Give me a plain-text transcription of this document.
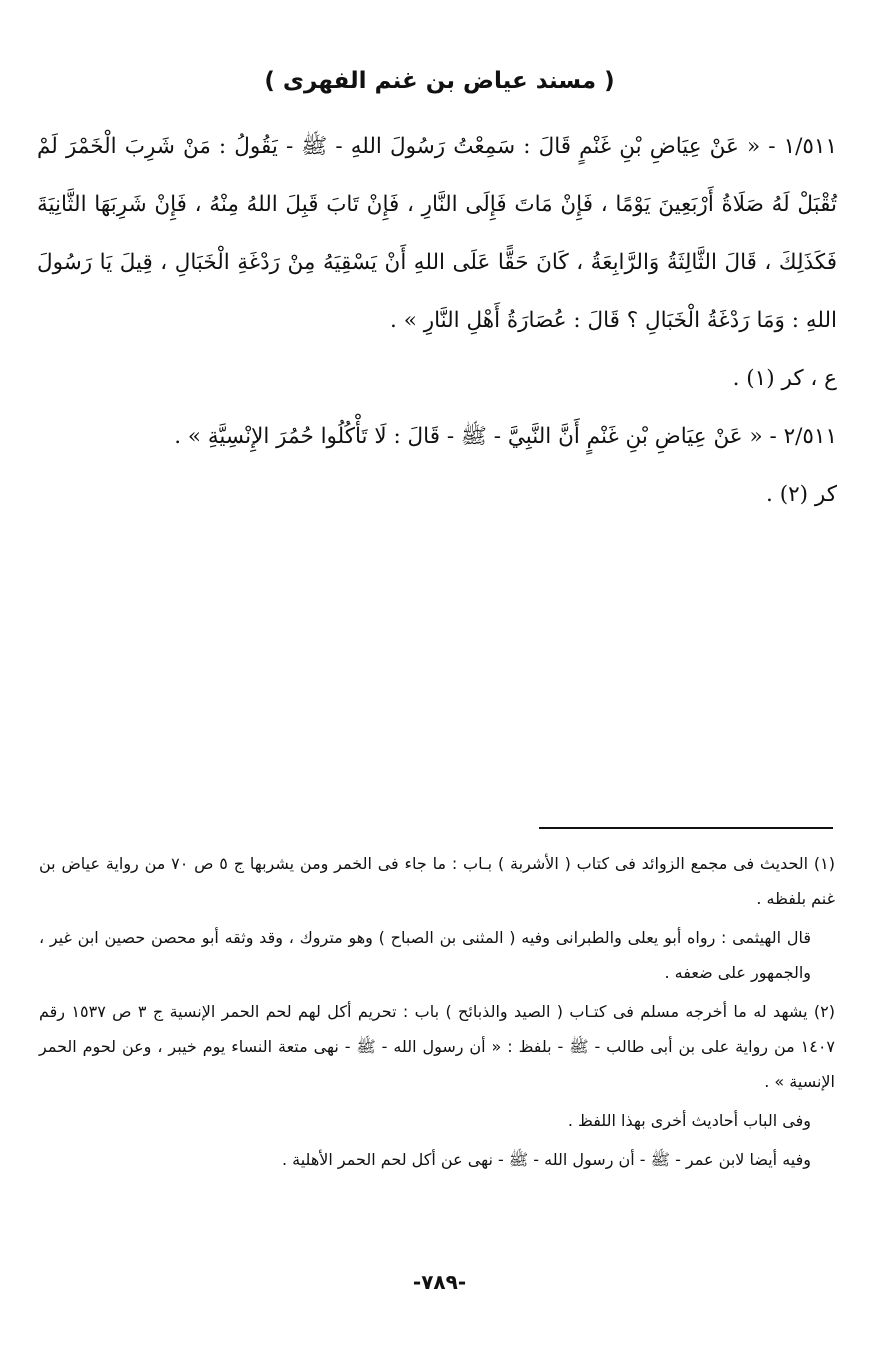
( مسند عياض بن غنم الفهرى )

١/٥١١ - « عَنْ عِيَاضِ بْنِ غَنْمٍ قَالَ : سَمِعْتُ رَسُولَ اللهِ - ﷺ - يَقُولُ : مَنْ شَرِبَ الْخَمْرَ لَمْ تُقْبَلْ لَهُ صَلَاةُ أَرْبَعِينَ يَوْمًا ، فَإِنْ مَاتَ فَإِلَى النَّارِ ، فَإِنْ تَابَ قَبِلَ اللهُ مِنْهُ ، فَإِنْ شَرِبَهَا الثَّانِيَةَ فَكَذَلِكَ ، قَالَ الثَّالِثَةُ وَالرَّابِعَةُ ، كَانَ حَقًّا عَلَى اللهِ أَنْ يَسْقِيَهُ مِنْ رَدْغَةِ الْخَبَالِ ، قِيلَ يَا رَسُولَ اللهِ : وَمَا رَدْغَةُ الْخَبَالِ ؟ قَالَ : عُصَارَةُ أَهْلِ النَّارِ » .

ع ، كر (١) .

٢/٥١١ - « عَنْ عِيَاضِ بْنِ غَنْمٍ أَنَّ النَّبِيَّ - ﷺ - قَالَ : لَا تَأْكُلُوا حُمُرَ الإِنْسِيَّةِ » .

كر (٢) .

(١) الحديث فى مجمع الزوائد فى كتاب ( الأشربة ) بـاب : ما جاء فى الخمر ومن يشربها ج ٥ ص ٧٠ من رواية عياض بن غنم بلفظه .

قال الهيثمى : رواه أبو يعلى والطبرانى وفيه ( المثنى بن الصباح ) وهو متروك ، وقد وثقه أبو محصن حصين ابن غير ، والجمهور على ضعفه .

(٢) يشهد له ما أخرجه مسلم فى كتـاب ( الصيد والذبائح ) باب : تحريم أكل لهم لحم الحمر الإنسية ج ٣ ص ١٥٣٧ رقم ١٤٠٧ من رواية على بن أبى طالب - ﷺ - بلفظ : « أن رسول الله - ﷺ - نهى متعة النساء يوم خيبر ، وعن لحوم الحمر الإنسية » .

وفى الباب أحاديث أخرى بهذا اللفظ .

وفيه أيضا لابن عمر - ﷺ - أن رسول الله - ﷺ - نهى عن أكل لحم الحمر الأهلية .

-٧٨٩-
